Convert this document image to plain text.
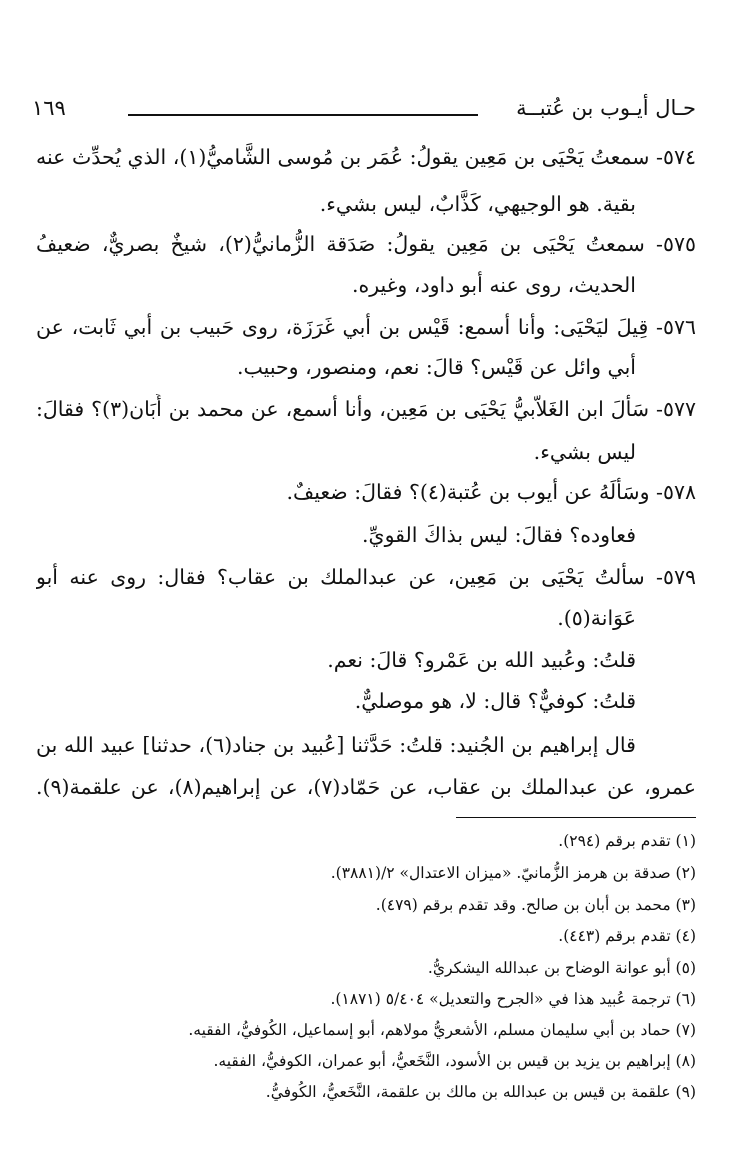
حـال أيـوب بن عُتبــة
١٦٩
٥٧٤- سمعتُ يَحْيَى بن مَعِين يقولُ: عُمَر بن مُوسى الشَّاميُّ(١)، الذي يُحدِّث عنه
بقية. هو الوجيهي، كَذَّابٌ، ليس بشيء.
٥٧٥- سمعتُ يَحْيَى بن مَعِين يقولُ: صَدَقة الزُّمانيُّ(٢)، شيخٌ بصريٌّ، ضعيفُ
الحديث، روى عنه أبو داود، وغيره.
٥٧٦- قِيلَ ليَحْيَى: وأنا أسمع: قَيْس بن أبي غَرَزَة، روى حَبيب بن أبي ثَابت، عن
أبي وائل عن قَيْس؟ قالَ: نعم، ومنصور، وحبيب.
٥٧٧- سَألَ ابن الغَلاّبيُّ يَحْيَى بن مَعِين، وأنا أسمع، عن محمد بن أَبَان(٣)؟ فقالَ:
ليس بشيء.
٥٧٨- وسَألَهُ عن أيوب بن عُتبة(٤)؟ فقالَ: ضعيفٌ.
فعاوده؟ فقالَ: ليس بذاكَ القويِّ.
٥٧٩- سألتُ يَحْيَى بن مَعِين، عن عبدالملك بن عقاب؟ فقال: روى عنه أبو
عَوَانة(٥).
قلتُ: وعُبيد الله بن عَمْرو؟ قالَ: نعم.
قلتُ: كوفيٌّ؟ قال: لا، هو موصليٌّ.
قال إبراهيم بن الجُنيد: قلتُ: حَدَّثنا [عُبيد بن جناد(٦)، حدثنا] عبيد الله بن
عمرو، عن عبدالملك بن عقاب، عن حَمّاد(٧)، عن إبراهيم(٨)، عن علقمة(٩).
(١) تقدم برقم (٢٩٤).
(٢) صدقة بن هرمز الزُّمانيّ. «ميزان الاعتدال» ٢/(٣٨٨١).
(٣) محمد بن أبان بن صالح. وقد تقدم برقم (٤٧٩).
(٤) تقدم برقم (٤٤٣).
(٥) أبو عوانة الوضاح بن عبدالله اليشكريُّ.
(٦) ترجمة عُبيد هذا في «الجرح والتعديل» ٥/٤٠٤ (١٨٧١).
(٧) حماد بن أبي سليمان مسلم، الأشعريُّ مولاهم، أبو إسماعيل، الكُوفيُّ، الفقيه.
(٨) إبراهيم بن يزيد بن قيس بن الأسود، النَّخَعيُّ، أبو عمران، الكوفيُّ، الفقيه.
(٩) علقمة بن قيس بن عبدالله بن مالك بن علقمة، النَّخَعيُّ، الكُوفيُّ.
